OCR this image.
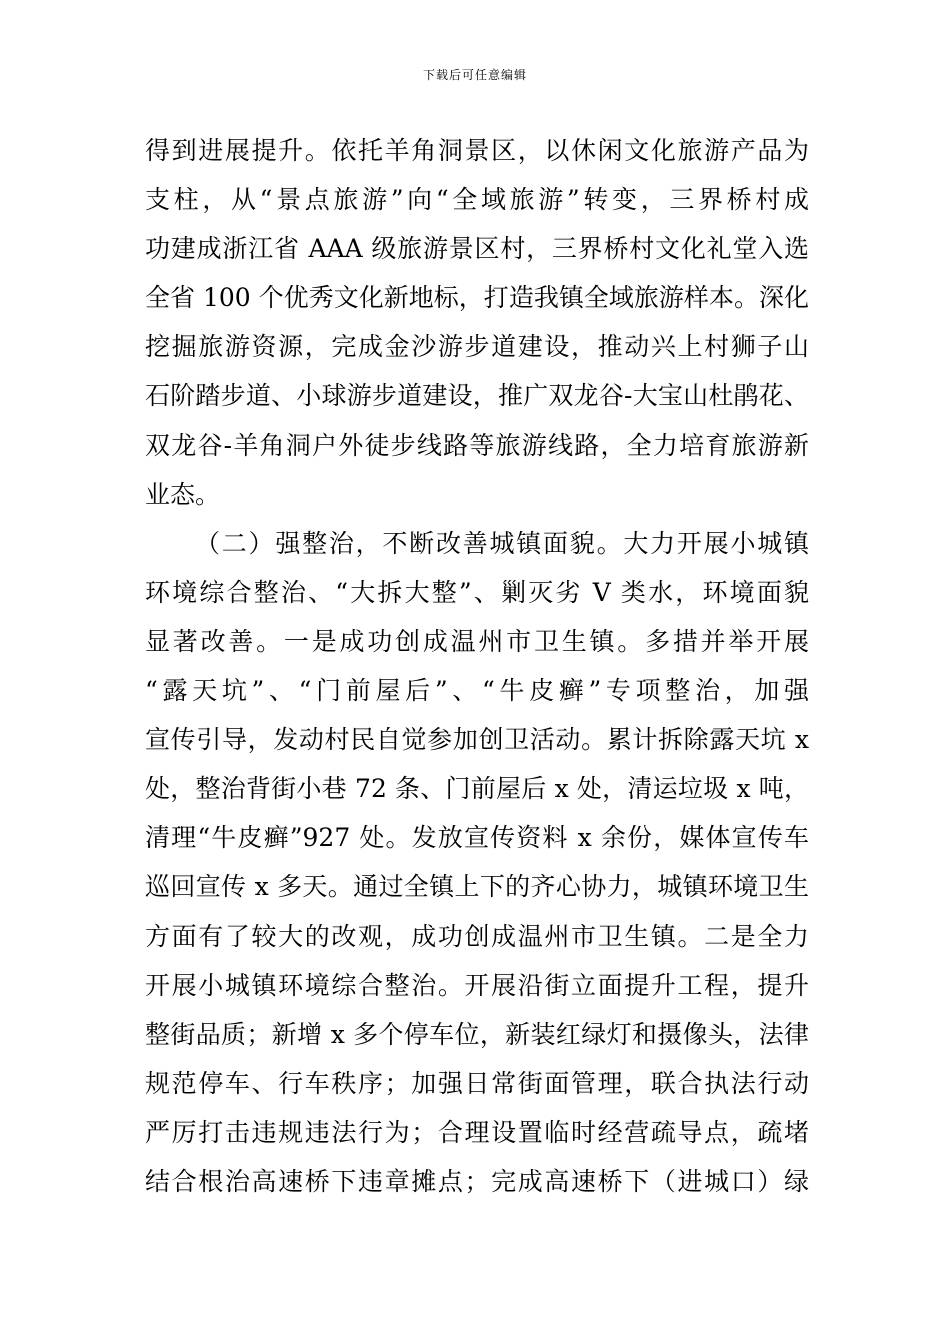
下载后可任意编辑
得到进展提升。依托羊角洞景区，以休闲文化旅游产品为
支柱，从“景点旅游”向“全域旅游”转变，三界桥村成
功建成浙江省 AAA 级旅游景区村，三界桥村文化礼堂入选
全省 100 个优秀文化新地标，打造我镇全域旅游样本。深化
挖掘旅游资源，完成金沙游步道建设，推动兴上村狮子山
石阶踏步道、小球游步道建设，推广双龙谷-大宝山杜鹃花、
双龙谷-羊角洞户外徒步线路等旅游线路，全力培育旅游新
业态。
（二）强整治，不断改善城镇面貌。大力开展小城镇
环境综合整治、“大拆大整”、剿灭劣 V 类水，环境面貌
显著改善。一是成功创成温州市卫生镇。多措并举开展
“露天坑”、“门前屋后”、“牛皮癣”专项整治，加强
宣传引导，发动村民自觉参加创卫活动。累计拆除露天坑 x
处，整治背街小巷 72 条、门前屋后 x 处，清运垃圾 x 吨，
清理“牛皮癣”927 处。发放宣传资料 x 余份，媒体宣传车
巡回宣传 x 多天。通过全镇上下的齐心协力，城镇环境卫生
方面有了较大的改观，成功创成温州市卫生镇。二是全力
开展小城镇环境综合整治。开展沿街立面提升工程，提升
整街品质；新增 x 多个停车位，新装红绿灯和摄像头，法律
规范停车、行车秩序；加强日常街面管理，联合执法行动
严厉打击违规违法行为；合理设置临时经营疏导点，疏堵
结合根治高速桥下违章摊点；完成高速桥下（进城口）绿
